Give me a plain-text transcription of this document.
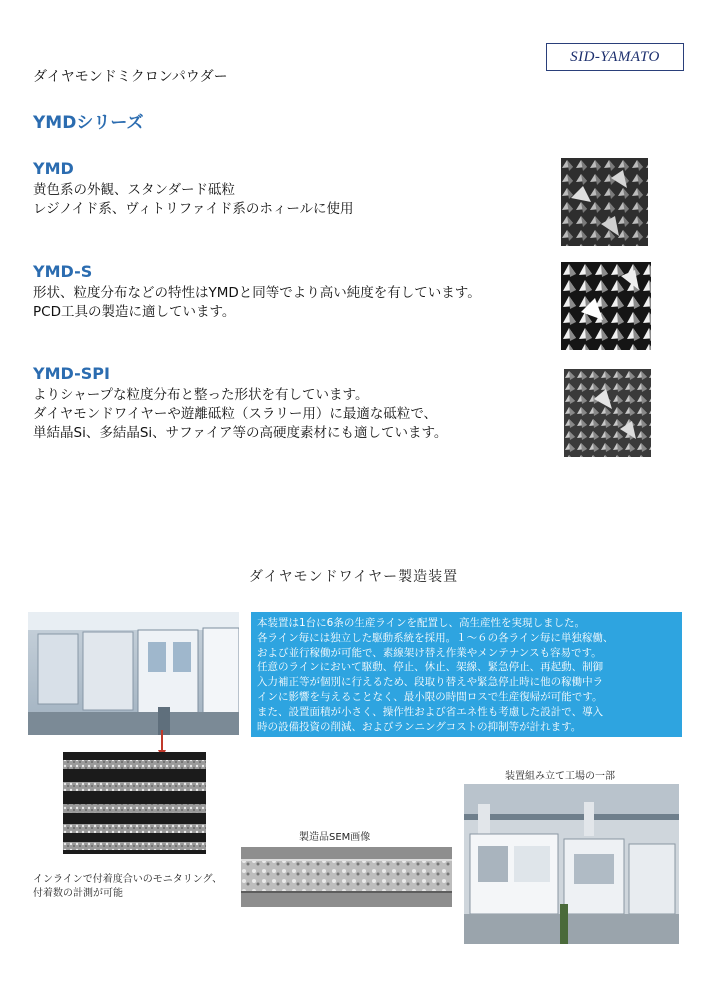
SID-YAMATO
ダイヤモンドミクロンパウダー
YMDシリーズ
YMD
黄色系の外観、スタンダード砥粒
レジノイド系、ヴィトリファイド系のホィールに使用
YMD-S
形状、粒度分布などの特性はYMDと同等でより高い純度を有しています。
PCD工具の製造に適しています。
YMD-SPI
よりシャープな粒度分布と整った形状を有しています。
ダイヤモンドワイヤーや遊離砥粒（スラリー用）に最適な砥粒で、
単結晶Si、多結晶Si、サファイア等の高硬度素材にも適しています。
ダイヤモンドワイヤー製造装置

本装置は1台に6条の生産ラインを配置し、高生産性を実現しました。

各ライン毎には独立した駆動系統を採用。１～６の各ライン毎に単独稼働、

および並行稼働が可能で、素線架け替え作業やメンテナンスも容易です。

任意のラインにおいて駆動、停止、休止、架線、緊急停止、再起動、制御

入力補正等が個別に行えるため、段取り替えや緊急停止時に他の稼働中ラ

インに影響を与えることなく、最小限の時間ロスで生産復帰が可能です。

また、設置面積が小さく、操作性および省エネ性も考慮した設計で、導入

時の設備投資の削減、およびランニングコストの抑制等が計れます。

インラインで付着度合いのモニタリング、
付着数の計測が可能
製造品SEM画像
装置組み立て工場の一部
